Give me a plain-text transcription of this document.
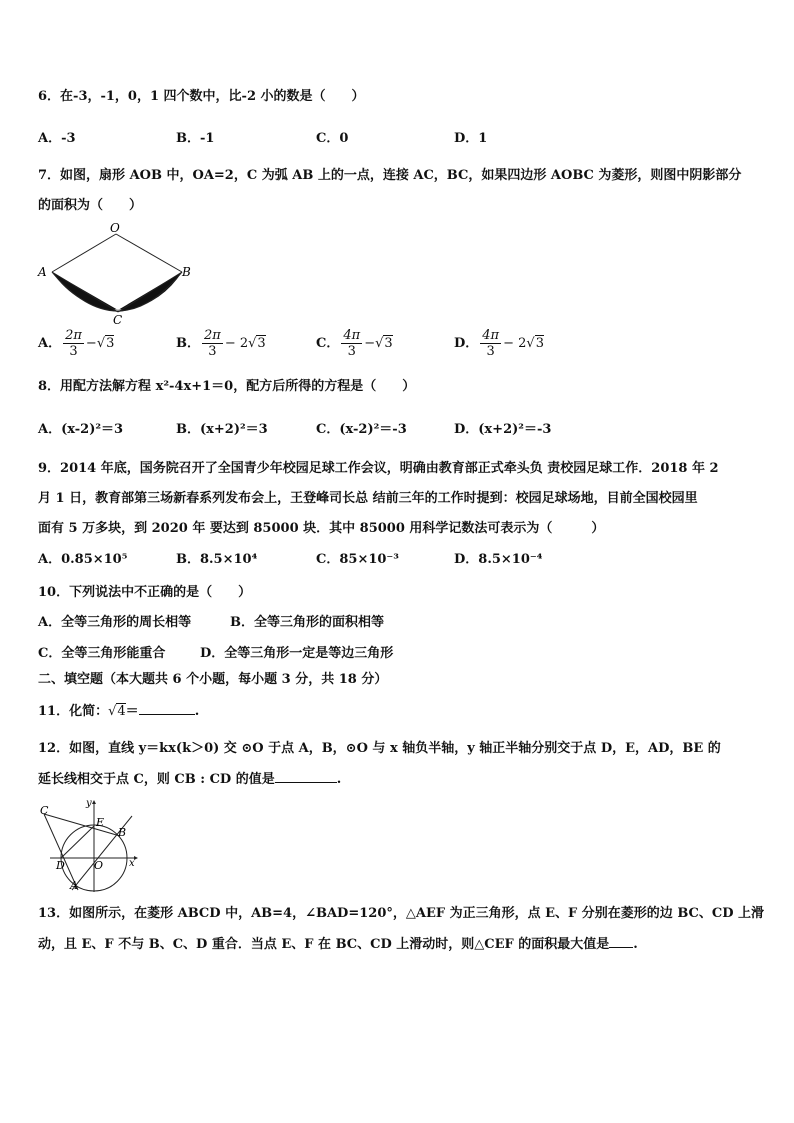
6．在-3，-1，0，1 四个数中，比-2 小的数是（　　）
A．-3	B．-1	C．0	D．1
7．如图，扇形 AOB 中，OA=2，C 为弧 AB 上的一点，连接 AC，BC，如果四边形 AOBC 为菱形，则图中阴影部分
的面积为（　　）
O
A	B
C
A． $\frac{2\pi}{3} -√3$	B． $\frac{2\pi}{3} - 2√3$	C． $\frac{4\pi}{3} -√3$	D． $\frac{4\pi}{3} - 2√3$
8．用配方法解方程 x²-4x+1＝0，配方后所得的方程是（　　）
A．(x-2)²＝3	B．(x+2)²＝3	C．(x-2)²＝-3	D．(x+2)²＝-3
9．2014 年底，国务院召开了全国青少年校园足球工作会议，明确由教育部正式牵头负 责校园足球工作．2018 年 2
月 1 日，教育部第三场新春系列发布会上，王登峰司长总 结前三年的工作时提到：校园足球场地，目前全国校园里
面有 5 万多块，到 2020 年 要达到 85000 块．其中 85000 用科学记数法可表示为（　　　）
A．0.85×10⁵	B．8.5×10⁴	C．85×10⁻³	D．8.5×10⁻⁴
10．下列说法中不正确的是（　　）
A．全等三角形的周长相等	B．全等三角形的面积相等
C．全等三角形能重合	D．全等三角形一定是等边三角形
二、填空题（本大题共 6 个小题，每小题 3 分，共 18 分）
11．化简：√4＝	.
12．如图，直线 y＝kx(k＞0) 交 ⊙O 于点 A，B，⊙O 与 x 轴负半轴，y 轴正半轴分别交于点 D，E，AD，BE 的
延长线相交于点 C，则 CB : CD 的值是	.
C
y
E
B
D	O	x
A
13．如图所示，在菱形 ABCD 中，AB=4，∠BAD=120°，△AEF 为正三角形，点 E、F 分别在菱形的边 BC、CD 上滑
动，且 E、F 不与 B、C、D 重合．当点 E、F 在 BC、CD 上滑动时，则△CEF 的面积最大值是 .
